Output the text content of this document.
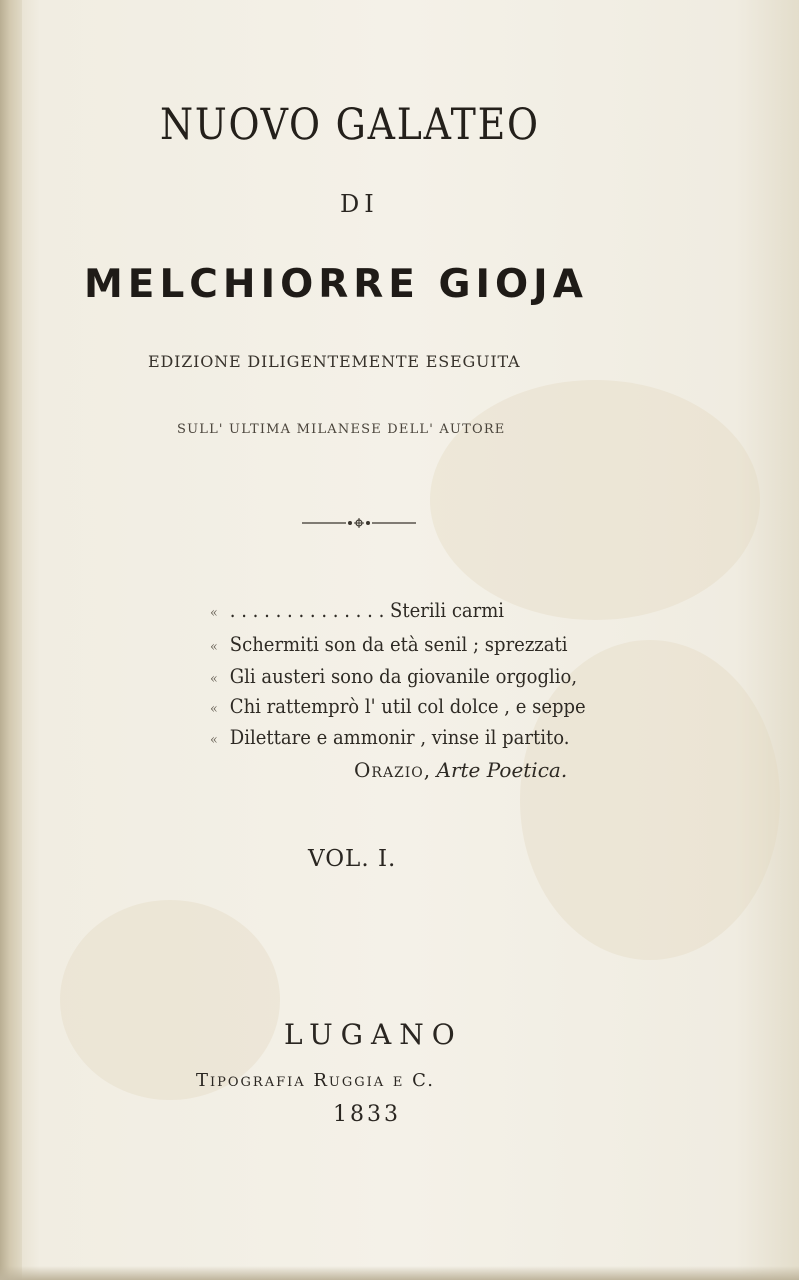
NUOVO GALATEO
DI
MELCHIORRE GIOJA
EDIZIONE DILIGENTEMENTE ESEGUITA
SULL' ULTIMA MILANESE DELL' AUTORE
« . . . . . . . . . . . . . . Sterili carmi
« Schermiti son da età senil ; sprezzati
« Gli austeri sono da giovanile orgoglio,
« Chi rattemprò l' util col dolce , e seppe
« Dilettare e ammonir , vinse il partito.
Orazio, Arte Poetica.
VOL. I.
LUGANO
Tipografia Ruggia e C.
1833
